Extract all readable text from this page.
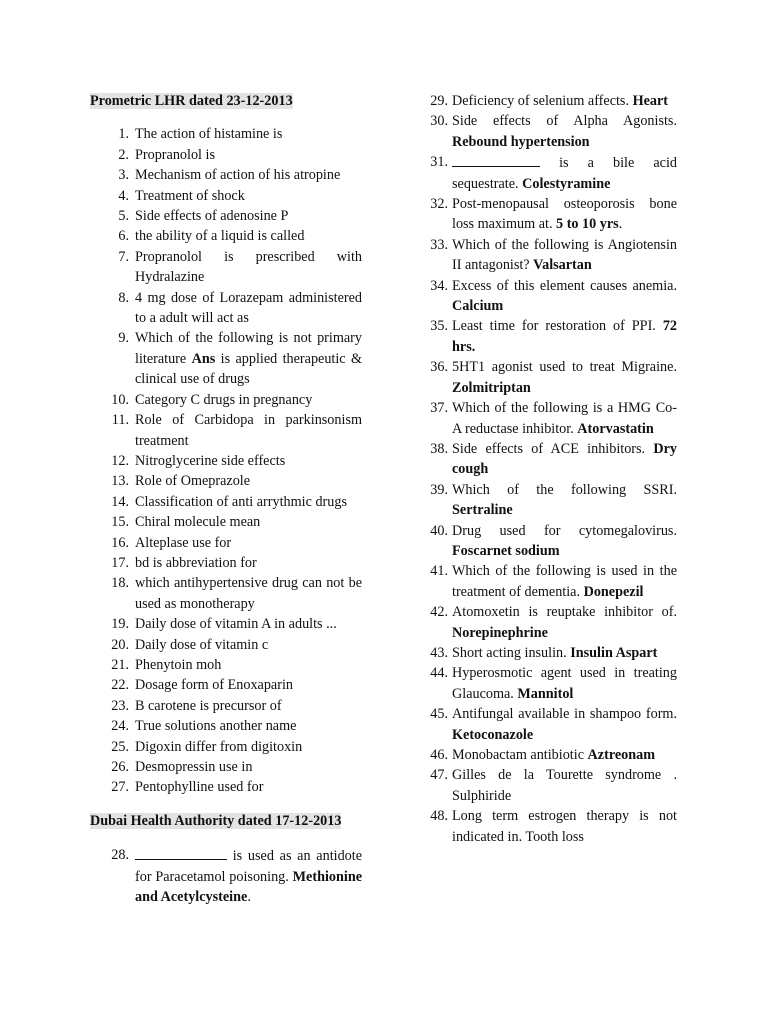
Prometric LHR dated 23-12-2013
1. The action of histamine is
2. Propranolol is
3. Mechanism of action of his atropine
4. Treatment of shock
5. Side effects of adenosine P
6. the ability of a liquid is called
7. Propranolol is prescribed with Hydralazine
8. 4 mg dose of Lorazepam administered to a adult will act as
9. Which of the following is not primary literature Ans is applied therapeutic & clinical use of drugs
10. Category C drugs in pregnancy
11. Role of Carbidopa in parkinsonism treatment
12. Nitroglycerine side effects
13. Role of Omeprazole
14. Classification of anti arrythmic drugs
15. Chiral molecule mean
16. Alteplase use for
17. bd is abbreviation for
18. which antihypertensive drug can not be used as monotherapy
19. Daily dose of vitamin A in adults ...
20. Daily dose of vitamin c
21. Phenytoin moh
22. Dosage form of Enoxaparin
23. B carotene is precursor of
24. True solutions another name
25. Digoxin differ from digitoxin
26. Desmopressin use in
27. Pentophylline used for
Dubai Health Authority dated 17-12-2013
28.	is used as an antidote for Paracetamol poisoning. Methionine and Acetylcysteine.
29. Deficiency of selenium affects. Heart
30. Side effects of Alpha Agonists. Rebound hypertension
31.	is a bile acid sequestrate. Colestyramine
32. Post-menopausal osteoporosis bone loss maximum at. 5 to 10 yrs.
33. Which of the following is Angiotensin II antagonist? Valsartan
34. Excess of this element causes anemia. Calcium
35. Least time for restoration of PPI. 72 hrs.
36. 5HT1 agonist used to treat Migraine. Zolmitriptan
37. Which of the following is a HMG Co-A reductase inhibitor. Atorvastatin
38. Side effects of ACE inhibitors. Dry cough
39. Which of the following SSRI. Sertraline
40. Drug used for cytomegalovirus. Foscarnet sodium
41. Which of the following is used in the treatment of dementia. Donepezil
42. Atomoxetin is reuptake inhibitor of. Norepinephrine
43. Short acting insulin. Insulin Aspart
44. Hyperosmotic agent used in treating Glaucoma. Mannitol
45. Antifungal available in shampoo form. Ketoconazole
46. Monobactam antibiotic Aztreonam
47. Gilles de la Tourette syndrome . Sulphiride
48. Long term estrogen therapy is not indicated in. Tooth loss
